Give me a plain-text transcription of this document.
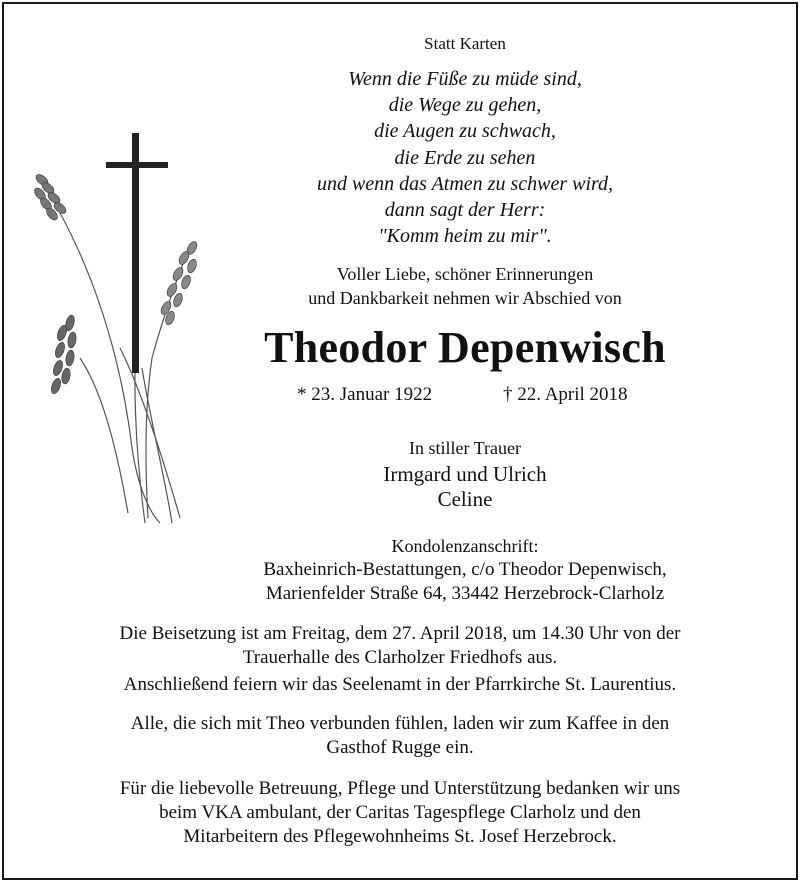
Statt Karten
Wenn die Füße zu müde sind,
die Wege zu gehen,
die Augen zu schwach,
die Erde zu sehen
und wenn das Atmen zu schwer wird,
dann sagt der Herr:
"Komm heim zu mir".
Voller Liebe, schöner Erinnerungen
und Dankbarkeit nehmen wir Abschied von
Theodor Depenwisch
* 23. Januar 1922	† 22. April 2018
In stiller Trauer
Irmgard und Ulrich
Celine
Kondolenzanschrift:
Baxheinrich-Bestattungen, c/o Theodor Depenwisch,
Marienfelder Straße 64, 33442 Herzebrock-Clarholz
Die Beisetzung ist am Freitag, dem 27. April 2018, um 14.30 Uhr von der
Trauerhalle des Clarholzer Friedhofs aus.
Anschließend feiern wir das Seelenamt in der Pfarrkirche St. Laurentius.
Alle, die sich mit Theo verbunden fühlen, laden wir zum Kaffee in den
Gasthof Rugge ein.
Für die liebevolle Betreuung, Pflege und Unterstützung bedanken wir uns
beim VKA ambulant, der Caritas Tagespflege Clarholz und den
Mitarbeitern des Pflegewohnheims St. Josef Herzebrock.
